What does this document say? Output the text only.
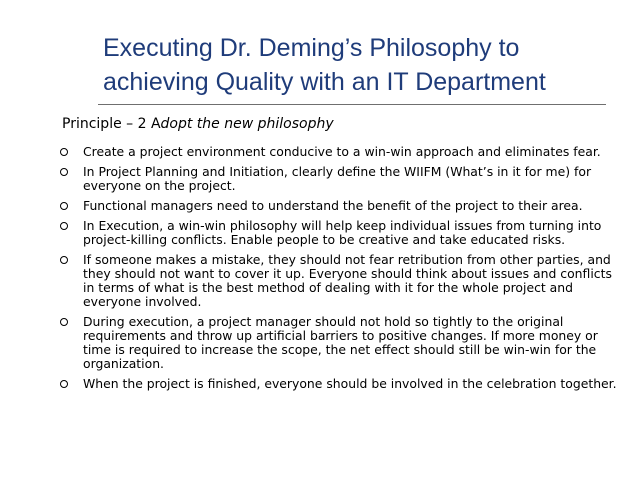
Executing Dr. Deming’s Philosophy to
achieving Quality with an IT Department

Principle – 2 Adopt the new philosophy

Create a project environment conducive to a win-win approach and eliminates fear.
In Project Planning and Initiation, clearly define the WIIFM (What’s in it for me) for everyone on the project.
Functional managers need to understand the benefit of the project to their area.
In Execution, a win-win philosophy will help keep individual issues from turning into project-killing conflicts. Enable people to be creative and take educated risks.
If someone makes a mistake, they should not fear retribution from other parties, and they should not want to cover it up. Everyone should think about issues and conflicts in terms of what is the best method of dealing with it for the whole project and everyone involved.
During execution, a project manager should not hold so tightly to the original requirements and throw up artificial barriers to positive changes. If more money or time is required to increase the scope, the net effect should still be win-win for the organization.
When the project is finished, everyone should be involved in the celebration together.
